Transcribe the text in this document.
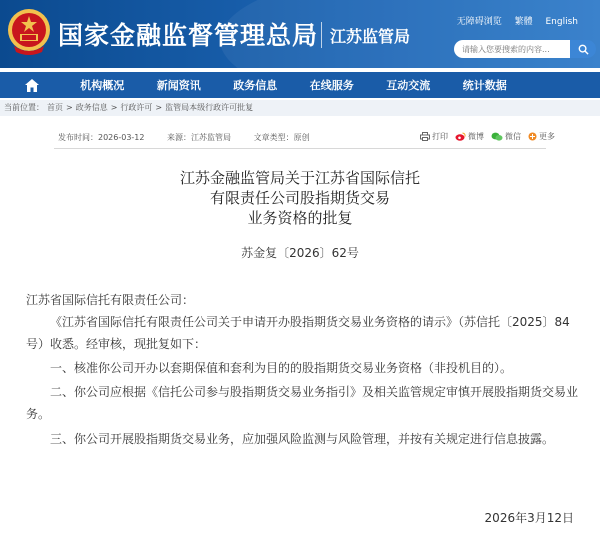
国家金融监督管理总局 江苏监管局
无障碍浏览 繁體 English
请输入您要搜索的内容...
机构概况	新闻资讯	政务信息	在线服务	互动交流	统计数据
当前位置： 首页 > 政务信息 > 行政许可 > 监管局本级行政许可批复
发布时间：2026-03-12	来源：江苏监管局	文章类型：原创	打印	微博	微信 更多
江苏金融监管局关于江苏省国际信托
有限责任公司股指期货交易
业务资格的批复
苏金复〔2026〕62号
江苏省国际信托有限责任公司：
《江苏省国际信托有限责任公司关于申请开办股指期货交易业务资格的请示》（苏信托〔2025〕84号）收悉。经审核，现批复如下：
一、核准你公司开办以套期保值和套利为目的的股指期货交易业务资格（非投机目的）。
二、你公司应根据《信托公司参与股指期货交易业务指引》及相关监管规定审慎开展股指期货交易业务。
三、你公司开展股指期货交易业务，应加强风险监测与风险管理，并按有关规定进行信息披露。
2026年3月12日
